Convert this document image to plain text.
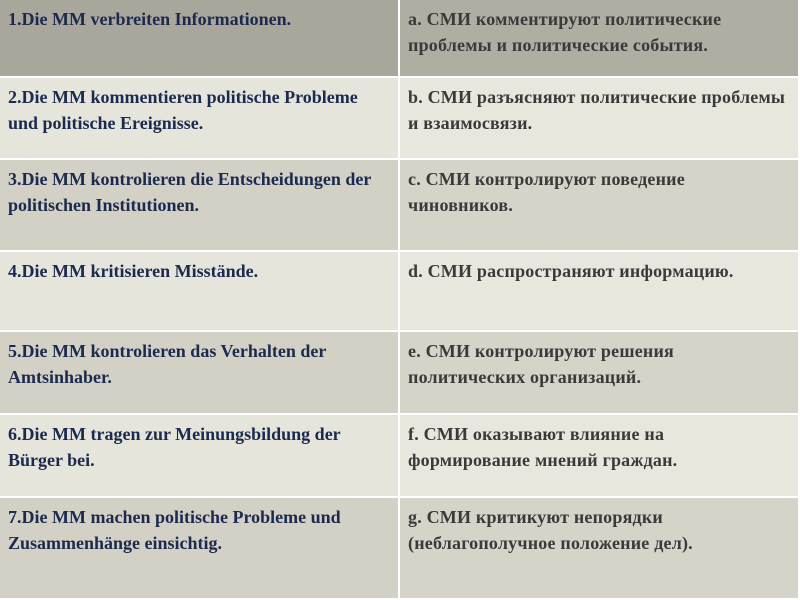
1.Die MM verbreiten Informationen.	a. СМИ комментируют политические проблемы и политические события.
2.Die MM kommentieren politische Probleme und politische Ereignisse.
b. СМИ разъясняют политические проблемы и взаимосвязи.
3.Die MM kontrolieren die Entscheidungen der politischen Institutionen.
c. СМИ контролируют поведение чиновников.
4.Die MM kritisieren Misstände.	d. СМИ распространяют информацию.
5.Die MM kontrolieren das Verhalten der Amtsinhaber.
e. СМИ контролируют решения политических организаций.
6.Die MM tragen zur Meinungsbildung der Bürger bei.
f. СМИ оказывают влияние на формирование мнений граждан.
7.Die MM machen politische Probleme und Zusammenhänge einsichtig.
g. СМИ критикуют непорядки (неблагополучное положение дел).
